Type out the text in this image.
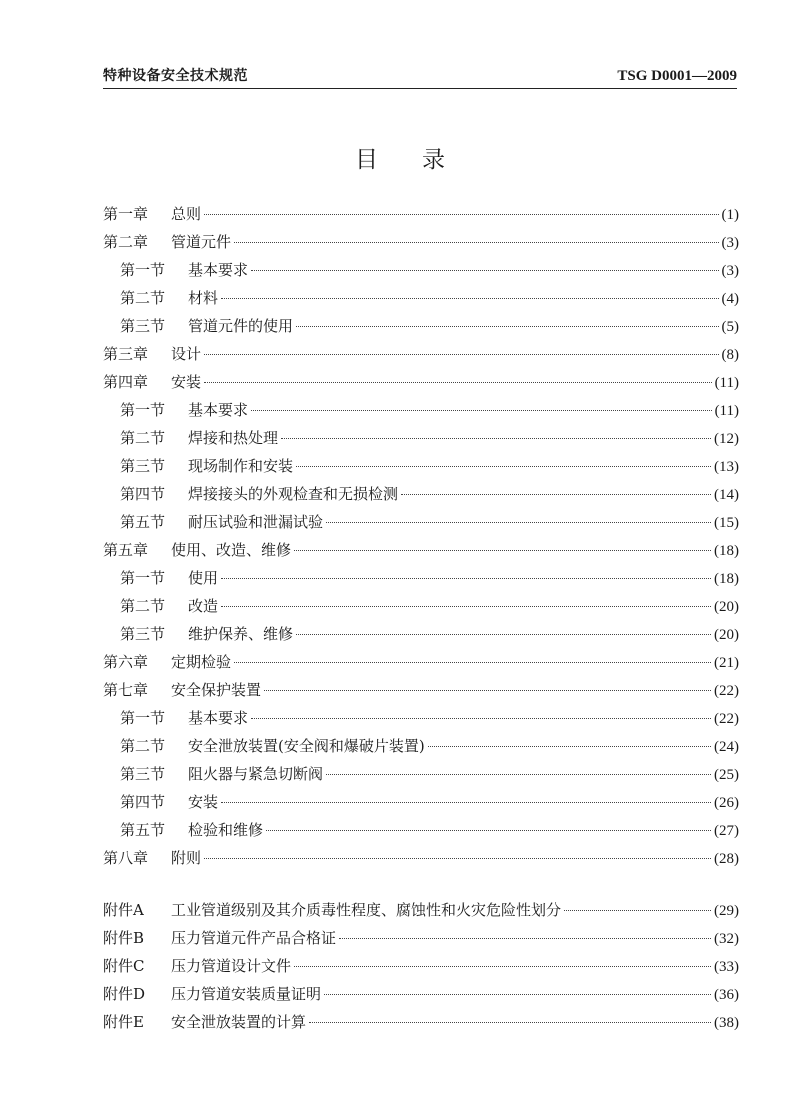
特种设备安全技术规范	TSG D0001—2009
目录
第一章	总则	(1)
第二章	管道元件	(3)
第一节	基本要求	(3)
第二节	材料	(4)
第三节	管道元件的使用	(5)
第三章	设计	(8)
第四章	安装	(11)
第一节	基本要求	(11)
第二节	焊接和热处理	(12)
第三节	现场制作和安装	(13)
第四节	焊接接头的外观检查和无损检测	(14)
第五节	耐压试验和泄漏试验	(15)
第五章	使用、改造、维修	(18)
第一节	使用	(18)
第二节	改造	(20)
第三节	维护保养、维修	(20)
第六章	定期检验	(21)
第七章	安全保护装置	(22)
第一节	基本要求	(22)
第二节	安全泄放装置(安全阀和爆破片装置)	(24)
第三节	阻火器与紧急切断阀	(25)
第四节	安装	(26)
第五节	检验和维修	(27)
第八章	附则	(28)
附件A	工业管道级别及其介质毒性程度、腐蚀性和火灾危险性划分	(29)
附件B	压力管道元件产品合格证	(32)
附件C	压力管道设计文件	(33)
附件D	压力管道安装质量证明	(36)
附件E	安全泄放装置的计算	(38)
